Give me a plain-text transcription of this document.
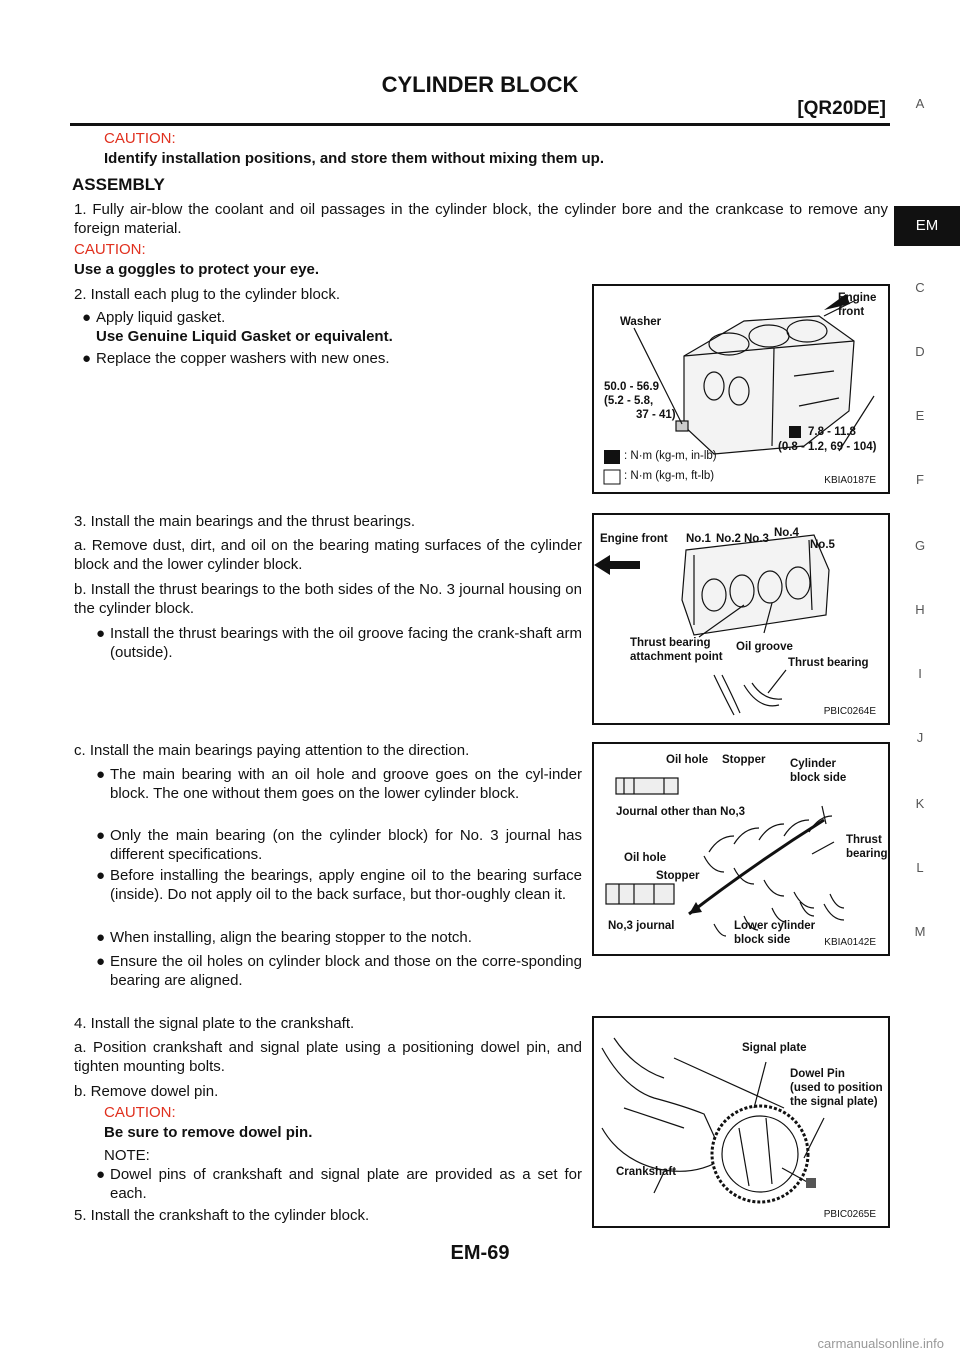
CYLINDER BLOCK
[QR20DE]	A
EM
C
D
E
F
G
H
I
J
K
L
M
CAUTION:
Identify installation positions, and store them without mixing them up.
ASSEMBLY
1. Fully air-blow the coolant and oil passages in the cylinder block, the cylinder bore and the crankcase to remove any foreign material.
CAUTION:
Use a goggles to protect your eye.
2. Install each plug to the cylinder block.
● Apply liquid gasket.
Use Genuine Liquid Gasket or equivalent.
● Replace the copper washers with new ones.
Washer
Engine
front
50.0 - 56.9
(5.2 - 5.8,
37 - 41)
7.8 - 11.8
(0.8 - 1.2, 69 - 104)
: N·m (kg-m, in-lb)
: N·m (kg-m, ft-lb)	KBIA0187E
3. Install the main bearings and the thrust bearings.
a. Remove dust, dirt, and oil on the bearing mating surfaces of the cylinder block and the lower cylinder block.
b. Install the thrust bearings to the both sides of the No. 3 journal housing on the cylinder block.
● Install the thrust bearings with the oil groove facing the crank-shaft arm (outside).
Engine front No.1 No.2 No.3 No.4
No.5
Thrust bearing
attachment point
Oil groove
Thrust bearing
PBIC0264E
c. Install the main bearings paying attention to the direction.
● The main bearing with an oil hole and groove goes on the cyl-inder block. The one without them goes on the lower cylinder block.
● Only the main bearing (on the cylinder block) for No. 3 journal has different specifications.
● Before installing the bearings, apply engine oil to the bearing surface (inside). Do not apply oil to the back surface, but thor-oughly clean it.
● When installing, align the bearing stopper to the notch.
● Ensure the oil holes on cylinder block and those on the corre-sponding bearing are aligned.
Oil hole Stopper Cylinder
block side
Journal other than No,3
Thrust
bearing
Oil hole
Stopper
No,3 journal	Lower cylinder
block side	KBIA0142E
4. Install the signal plate to the crankshaft.
a. Position crankshaft and signal plate using a positioning dowel pin, and tighten mounting bolts.
b. Remove dowel pin.
CAUTION:
Be sure to remove dowel pin.
NOTE:
● Dowel pins of crankshaft and signal plate are provided as a set for each.
5. Install the crankshaft to the cylinder block.
Signal plate
Dowel Pin
(used to position
the signal plate)
Crankshaft
PBIC0265E
EM-69
carmanualsonline.info
